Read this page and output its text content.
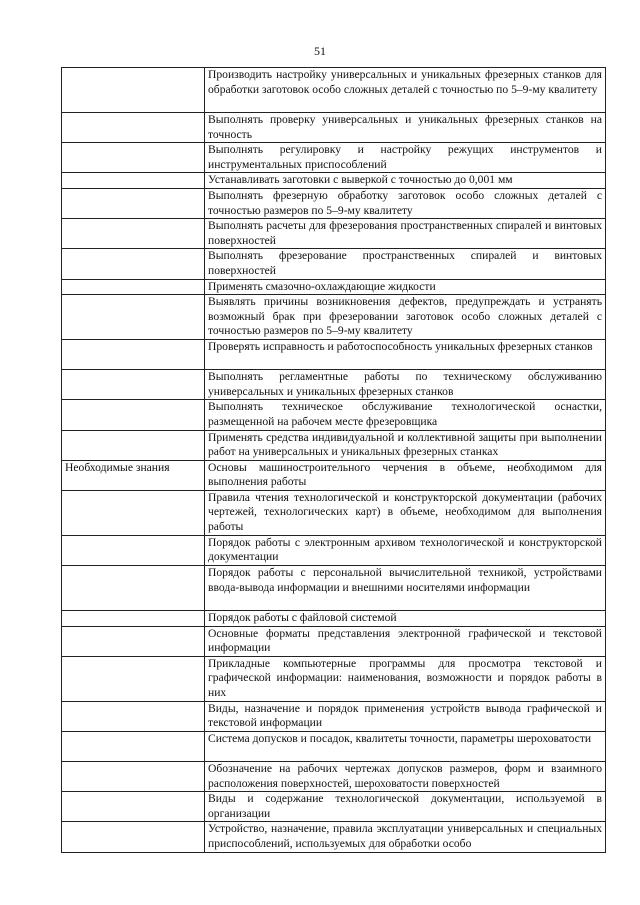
51
	Производить настройку универсальных и уникальных фрезерных станков для обработки заготовок особо сложных деталей с точностью по 5–9-му квалитету
	Выполнять проверку универсальных и уникальных фрезерных станков на точность
	Выполнять регулировку и настройку режущих инструментов и инструментальных приспособлений
	Устанавливать заготовки с выверкой с точностью до 0,001 мм
	Выполнять фрезерную обработку заготовок особо сложных деталей с точностью размеров по 5–9-му квалитету
	Выполнять расчеты для фрезерования пространственных спиралей и винтовых поверхностей
	Выполнять фрезерование пространственных спиралей и винтовых поверхностей
	Применять смазочно-охлаждающие жидкости
	Выявлять причины возникновения дефектов, предупреждать и устранять возможный брак при фрезеровании заготовок особо сложных деталей с точностью размеров по 5–9-му квалитету
	Проверять исправность и работоспособность уникальных фрезерных станков
	Выполнять регламентные работы по техническому обслуживанию универсальных и уникальных фрезерных станков
	Выполнять техническое обслуживание технологической оснастки, размещенной на рабочем месте фрезеровщика
	Применять средства индивидуальной и коллективной защиты при выполнении работ на универсальных и уникальных фрезерных станках
Необходимые знания	Основы машиностроительного черчения в объеме, необходимом для выполнения работы
	Правила чтения технологической и конструкторской документации (рабочих чертежей, технологических карт) в объеме, необходимом для выполнения работы
	Порядок работы с электронным архивом технологической и конструкторской документации
	Порядок работы с персональной вычислительной техникой, устройствами ввода-вывода информации и внешними носителями информации
	Порядок работы с файловой системой
	Основные форматы представления электронной графической и текстовой информации
	Прикладные компьютерные программы для просмотра текстовой и графической информации: наименования, возможности и порядок работы в них
	Виды, назначение и порядок применения устройств вывода графической и текстовой информации
	Система допусков и посадок, квалитеты точности, параметры шероховатости
	Обозначение на рабочих чертежах допусков размеров, форм и взаимного расположения поверхностей, шероховатости поверхностей
	Виды и содержание технологической документации, используемой в организации
	Устройство, назначение, правила эксплуатации универсальных и специальных приспособлений, используемых для обработки особо
